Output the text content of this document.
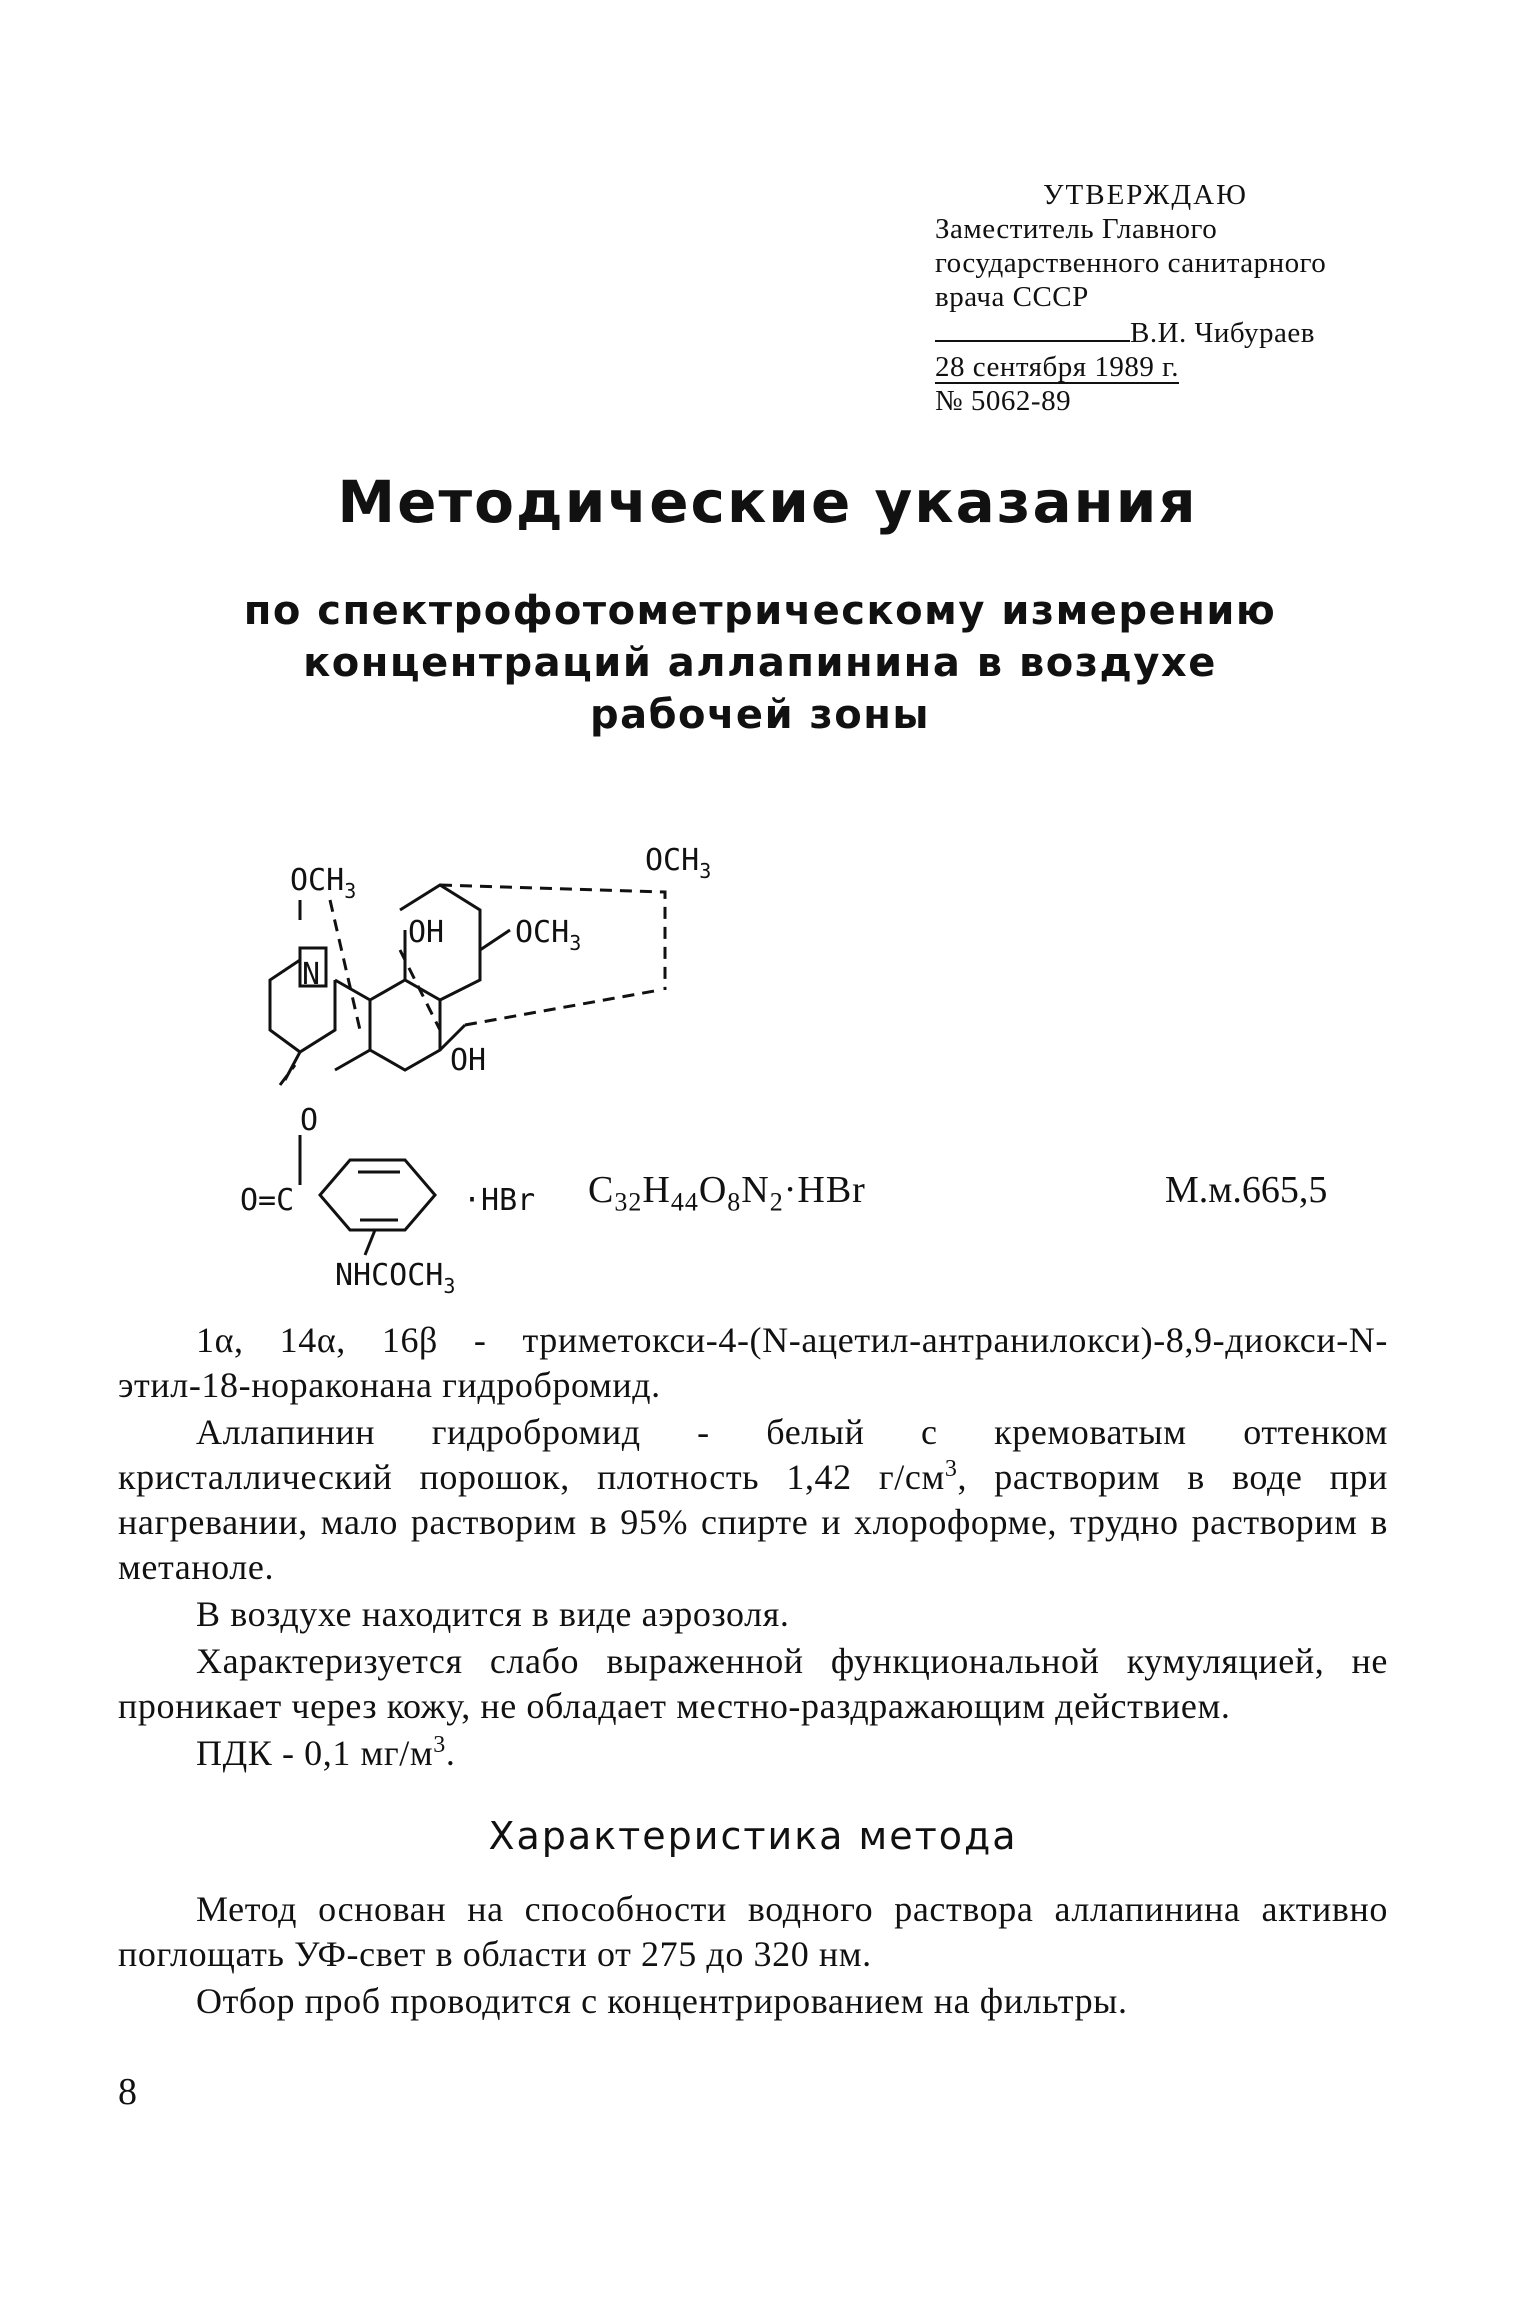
УТВЕРЖДАЮ
Заместитель Главного
государственного санитарного
врача СССР
В.И. Чибураев
28 сентября 1989 г.
№ 5062-89
Методические указания
по спектрофотометрическому измерению концентраций аллапинина в воздухе рабочей зоны
$OCH_3$
$OCH_3$
$OCH_3$
OH
OH
N
O
O=C	·HBr
$NHCOCH_3$
$C_{32}H_{44}O_8N_2\cdot HBr$	М.м.665,5

1α, 14α, 16β - триметокси-4-(N-ацетил-антранилокси)-8,9-диокси-N-этил-18-нораконана гидробромид.

Аллапинин гидробромид - белый с кремоватым оттенком кристаллический порошок, плотность 1,42 $г/см^3$, растворим в воде при нагревании, мало растворим в 95% спирте и хлороформе, трудно растворим в метаноле.

В воздухе находится в виде аэрозоля.

Характеризуется слабо выраженной функциональной кумуляцией, не проникает через кожу, не обладает местно-раздражающим действием.

ПДК - 0,1 $мг/м^3$.

Характеристика метода

Метод основан на способности водного раствора аллапинина активно поглощать УФ-свет в области от 275 до 320 нм.

Отбор проб проводится с концентрированием на фильтры.

8
